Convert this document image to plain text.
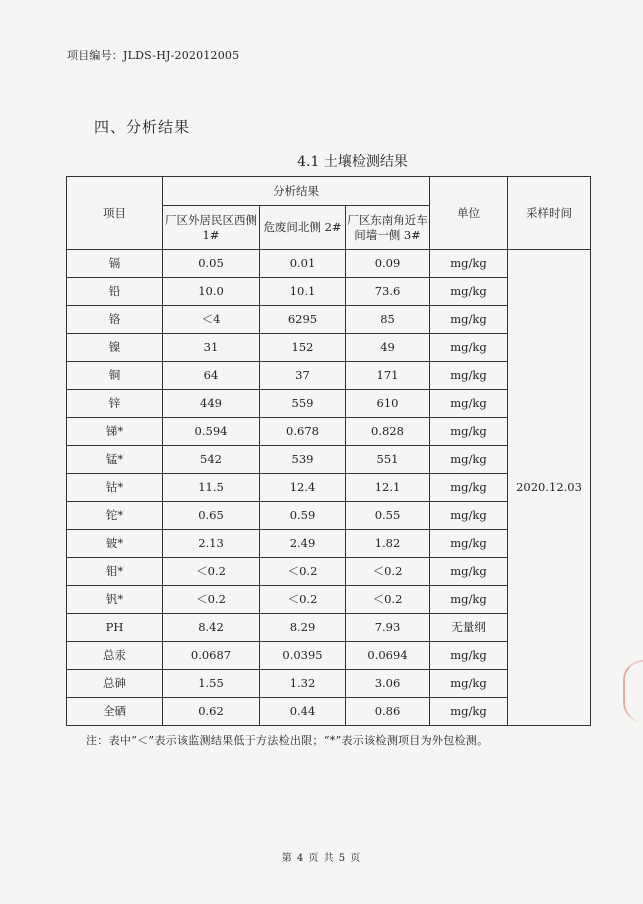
项目编号：JLDS-HJ-202012005
四、分析结果
4.1 土壤检测结果
项目	分析结果			单位	采样时间
	厂区外居民区西侧 1#	危废间北侧 2#	厂区东南角近车间墙一侧 3#		
镉	0.05	0.01	0.09	mg/kg	2020.12.03
铅	10.0	10.1	73.6	mg/kg	
铬	＜4	6295	85	mg/kg	
镍	31	152	49	mg/kg	
铜	64	37	171	mg/kg	
锌	449	559	610	mg/kg	
锑*	0.594	0.678	0.828	mg/kg	
锰*	542	539	551	mg/kg	
钴*	11.5	12.4	12.1	mg/kg	
铊*	0.65	0.59	0.55	mg/kg	
铍*	2.13	2.49	1.82	mg/kg	
钼*	＜0.2	＜0.2	＜0.2	mg/kg	
钒*	＜0.2	＜0.2	＜0.2	mg/kg	
PH	8.42	8.29	7.93	无量纲	
总汞	0.0687	0.0395	0.0694	mg/kg	
总砷	1.55	1.32	3.06	mg/kg	
全硒	0.62	0.44	0.86	mg/kg	
注：表中“＜”表示该监测结果低于方法检出限；“*”表示该检测项目为外包检测。
第 4 页 共 5 页
